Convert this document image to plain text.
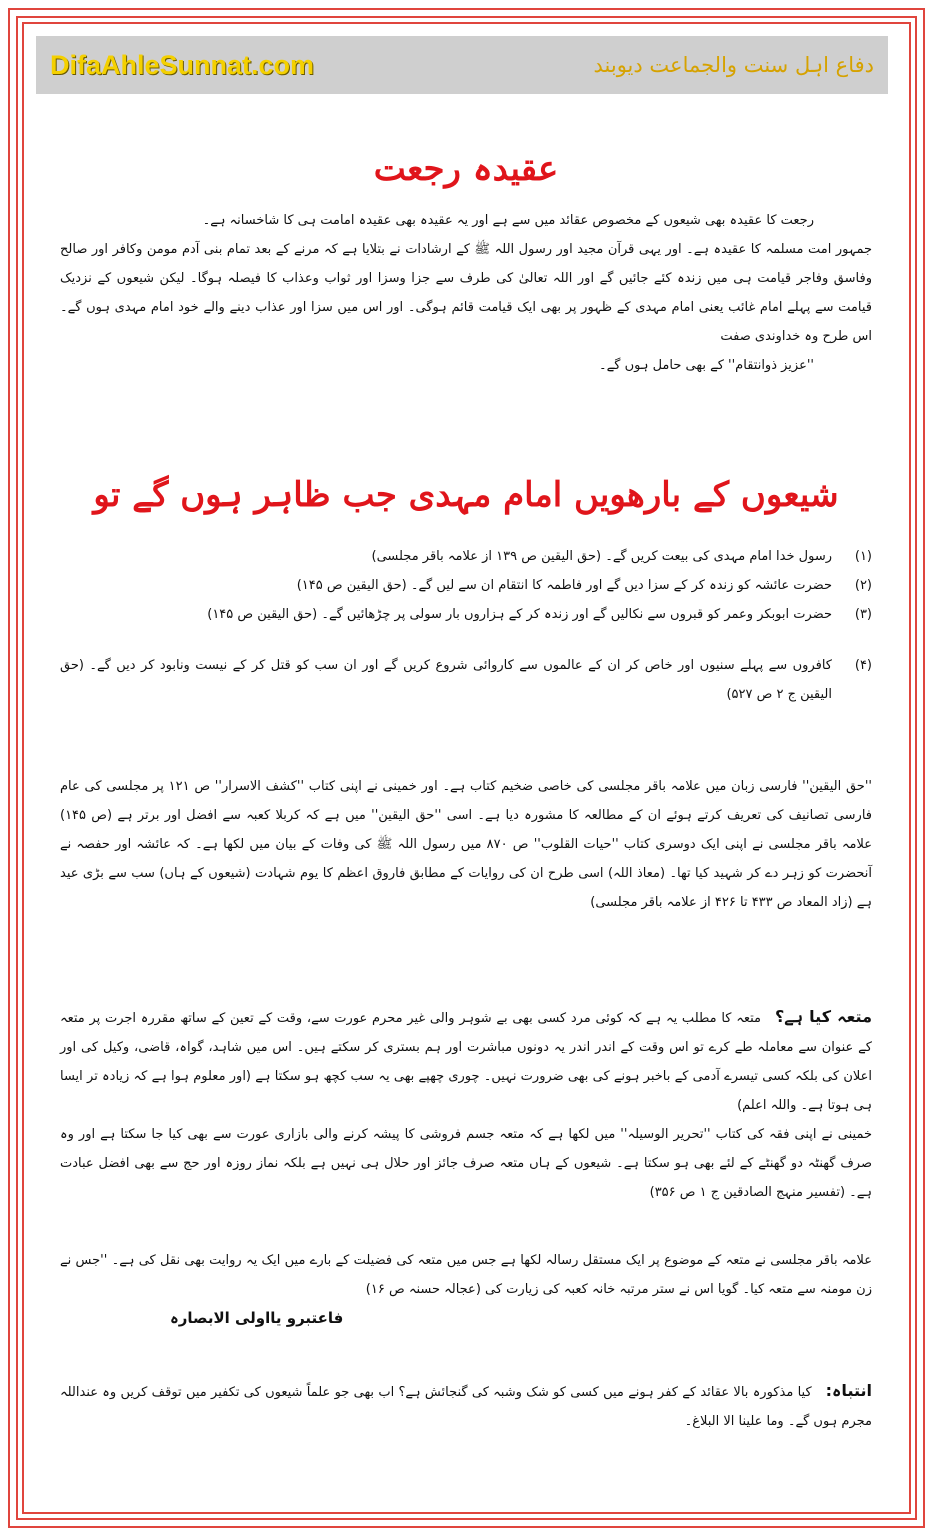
DifaAhleSunnat.com	دفاع اہل سنت والجماعت دیوبند
عقیدہ رجعت

رجعت کا عقیدہ بھی شیعوں کے مخصوص عقائد میں سے ہے اور یہ عقیدہ بھی عقیدہ امامت ہی کا شاخسانہ ہے۔

جمہور امت مسلمہ کا عقیدہ ہے۔ اور یہی قرآن مجید اور رسول اللہ ﷺ کے ارشادات نے بتلایا ہے کہ مرنے کے بعد تمام بنی آدم مومن وکافر اور صالح وفاسق وفاجر قیامت ہی میں زندہ کئے جائیں گے اور اللہ تعالیٰ کی طرف سے جزا وسزا اور ثواب وعذاب کا فیصلہ ہوگا۔ لیکن شیعوں کے نزدیک قیامت سے پہلے امام غائب یعنی امام مہدی کے ظہور پر بھی ایک قیامت قائم ہوگی۔ اور اس میں سزا اور عذاب دینے والے خود امام مہدی ہوں گے۔ اس طرح وہ خداوندی صفت

''عزیز ذوانتقام'' کے بھی حامل ہوں گے۔

شیعوں کے بارھویں امام مہدی جب ظاہر ہوں گے تو
(۱)
رسول خدا امام مہدی کی بیعت کریں گے۔ (حق الیقین ص ۱۳۹ از علامہ باقر مجلسی)
(۲)
حضرت عائشہ کو زندہ کر کے سزا دیں گے اور فاطمہ کا انتقام ان سے لیں گے۔ (حق الیقین ص ۱۴۵)
(۳)
حضرت ابوبکر وعمر کو قبروں سے نکالیں گے اور زندہ کر کے ہزاروں بار سولی پر چڑھائیں گے۔ (حق الیقین ص ۱۴۵)
(۴)
کافروں سے پہلے سنیوں اور خاص کر ان کے عالموں سے کاروائی شروع کریں گے اور ان سب کو قتل کر کے نیست ونابود کر دیں گے۔ (حق الیقین ج ۲ ص ۵۲۷)

''حق الیقین'' فارسی زبان میں علامہ باقر مجلسی کی خاصی ضخیم کتاب ہے۔ اور خمینی نے اپنی کتاب ''کشف الاسرار'' ص ۱۲۱ پر مجلسی کی عام فارسی تصانیف کی تعریف کرتے ہوئے ان کے مطالعہ کا مشورہ دیا ہے۔ اسی ''حق الیقین'' میں ہے کہ کربلا کعبہ سے افضل اور برتر ہے (ص ۱۴۵) علامہ باقر مجلسی نے اپنی ایک دوسری کتاب ''حیات القلوب'' ص ۸۷۰ میں رسول اللہ ﷺ کی وفات کے بیان میں لکھا ہے۔ کہ عائشہ اور حفصہ نے آنحضرت کو زہر دے کر شہید کیا تھا۔ (معاذ اللہ) اسی طرح ان کی روایات کے مطابق فاروق اعظم کا یوم شہادت (شیعوں کے ہاں) سب سے بڑی عید ہے (زاد المعاد ص ۴۳۳ تا ۴۲۶ از علامہ باقر مجلسی)

متعہ کیا ہے؟متعہ کا مطلب یہ ہے کہ کوئی مرد کسی بھی بے شوہر والی غیر محرم عورت سے، وقت کے تعین کے ساتھ مقررہ اجرت پر متعہ کے عنوان سے معاملہ طے کرے تو اس وقت کے اندر اندر یہ دونوں مباشرت اور ہم بستری کر سکتے ہیں۔ اس میں شاہد، گواہ، قاضی، وکیل کی اور اعلان کی بلکہ کسی تیسرے آدمی کے باخبر ہونے کی بھی ضرورت نہیں۔ چوری چھپے بھی یہ سب کچھ ہو سکتا ہے (اور معلوم ہوا ہے کہ زیادہ تر ایسا ہی ہوتا ہے۔ واللہ اعلم)

خمینی نے اپنی فقہ کی کتاب ''تحریر الوسیلہ'' میں لکھا ہے کہ متعہ جسم فروشی کا پیشہ کرنے والی بازاری عورت سے بھی کیا جا سکتا ہے اور وہ صرف گھنٹہ دو گھنٹے کے لئے بھی ہو سکتا ہے۔ شیعوں کے ہاں متعہ صرف جائز اور حلال ہی نہیں ہے بلکہ نماز روزہ اور حج سے بھی افضل عبادت ہے۔ (تفسیر منہج الصادقین ج ۱ ص ۳۵۶)

علامہ باقر مجلسی نے متعہ کے موضوع پر ایک مستقل رسالہ لکھا ہے جس میں متعہ کی فضیلت کے بارے میں ایک یہ روایت بھی نقل کی ہے۔ ''جس نے زن مومنہ سے متعہ کیا۔ گویا اس نے ستر مرتبہ خانہ کعبہ کی زیارت کی (عجالہ حسنہ ص ۱۶)

فاعتبرو یااولی الابصارہ

انتباہ:کیا مذکورہ بالا عقائد کے کفر ہونے میں کسی کو شک وشبہ کی گنجائش ہے؟ اب بھی جو علماً شیعوں کی تکفیر میں توقف کریں وہ عنداللہ مجرم ہوں گے۔ وما علینا الا البلاغ۔
